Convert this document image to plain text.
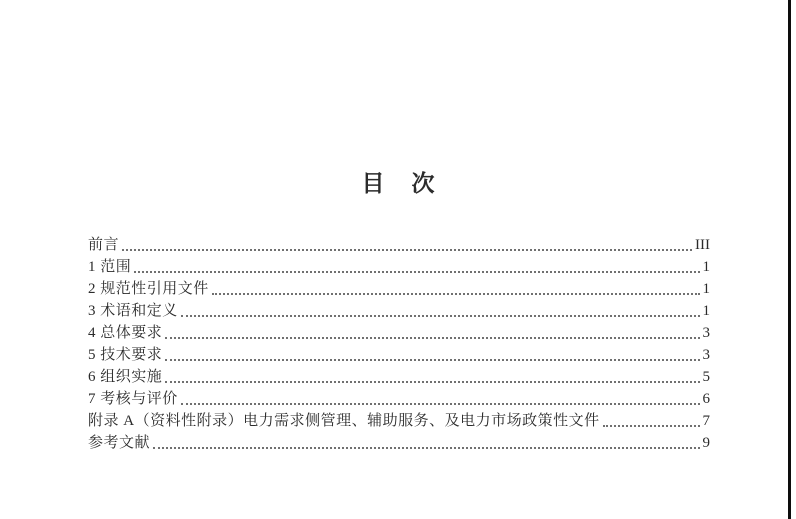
目　次
前言	III
1 范围	1
2 规范性引用文件	1
3 术语和定义	1
4 总体要求	3
5 技术要求	3
6 组织实施	5
7 考核与评价	6
附录 A（资料性附录）电力需求侧管理、辅助服务、及电力市场政策性文件	7
参考文献	9
